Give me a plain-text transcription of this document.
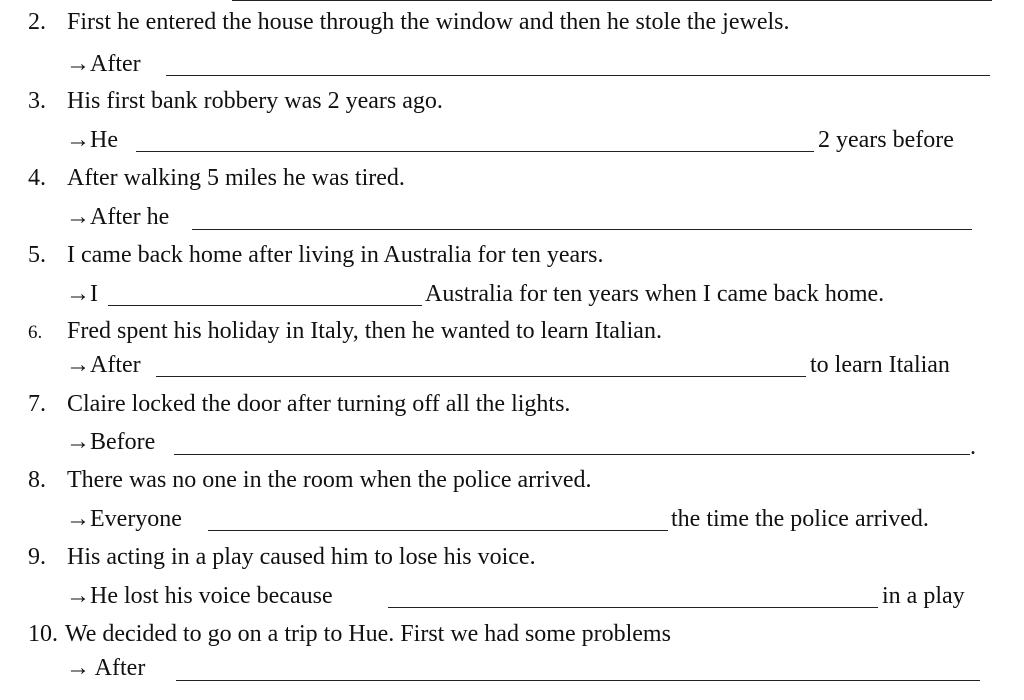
2. First he entered the house through the window and then he stole the jewels.
→After
3. His first bank robbery was 2 years ago.
→He	2 years before
4. After walking 5 miles he was tired.
→After he
5. I came back home after living in Australia for ten years.
→I	Australia for ten years when I came back home.
6. Fred spent his holiday in Italy, then he wanted to learn Italian.
→After	to learn Italian
7. Claire locked the door after turning off all the lights.
→Before	.
8. There was no one in the room when the police arrived.
→Everyone	the time the police arrived.
9. His acting in a play caused him to lose his voice.
→He lost his voice because	in a play
10. We decided to go on a trip to Hue. First we had some problems
→ After
